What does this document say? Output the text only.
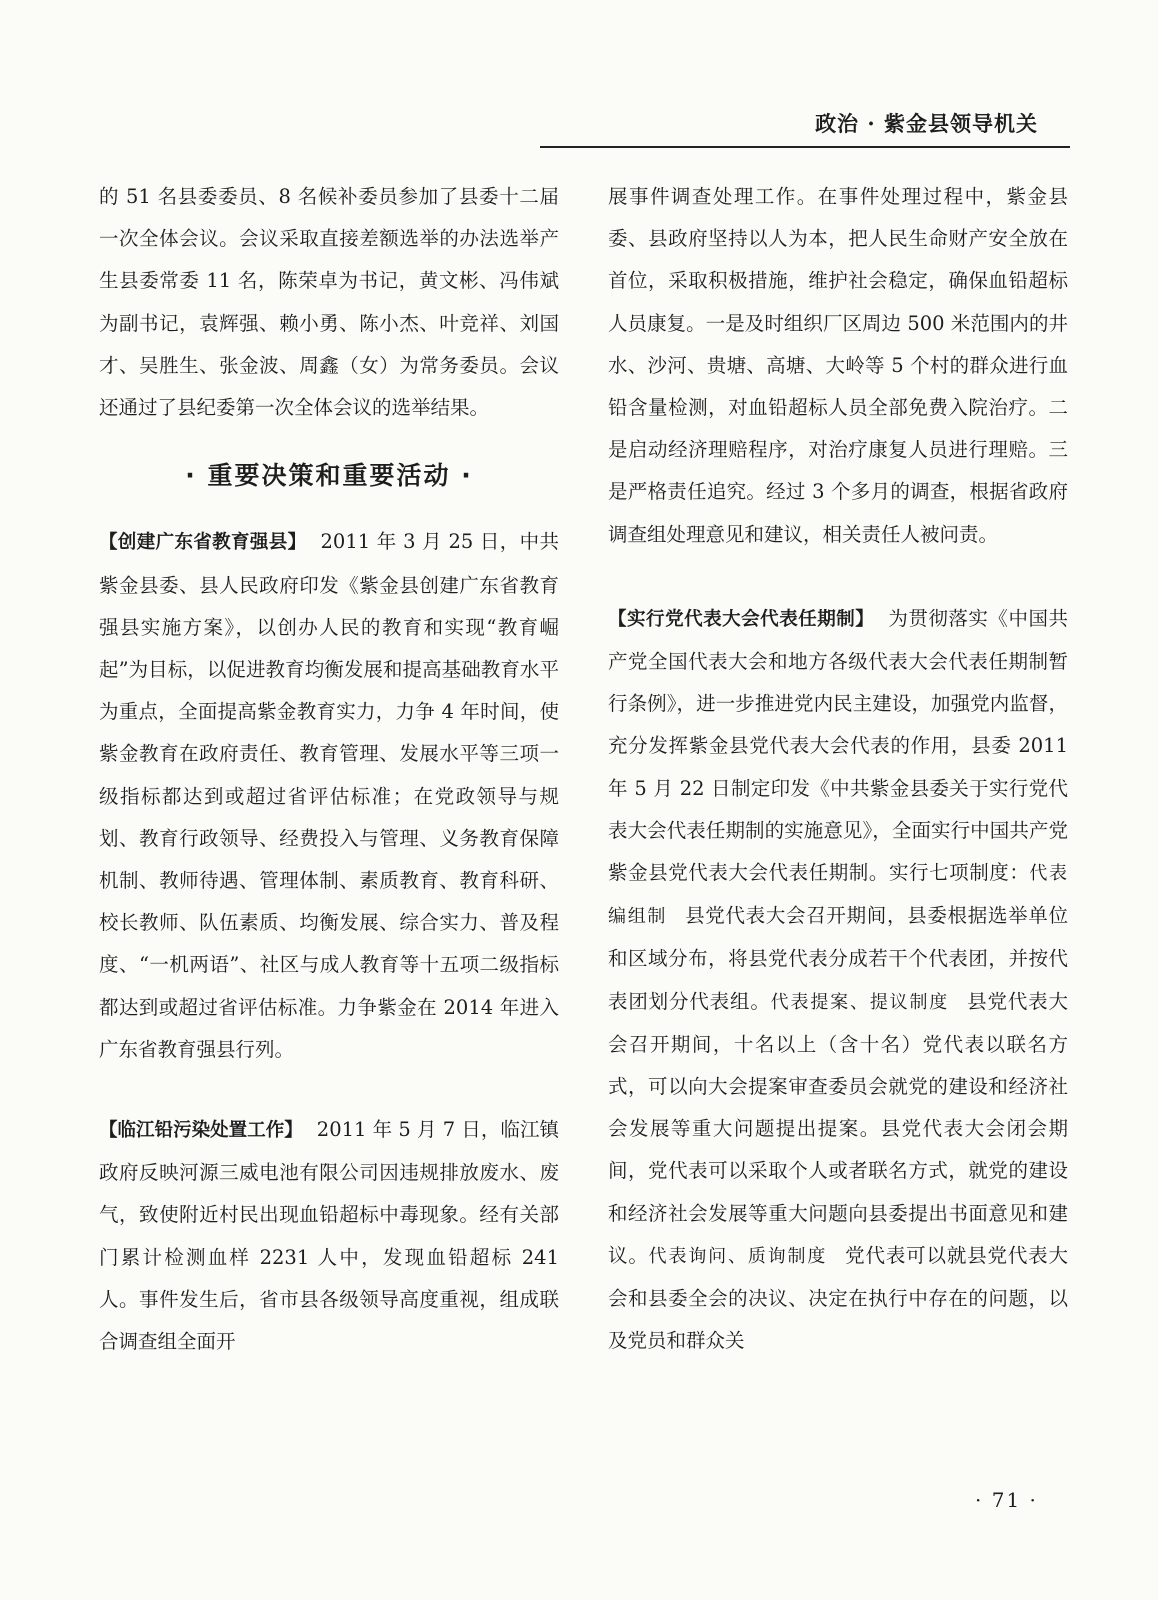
政治 · 紫金县领导机关

的 51 名县委委员、8 名候补委员参加了县委十二届一次全体会议。会议采取直接差额选举的办法选举产生县委常委 11 名，陈荣卓为书记，黄文彬、冯伟斌为副书记，袁辉强、赖小勇、陈小杰、叶竞祥、刘国才、吴胜生、张金波、周鑫（女）为常务委员。会议还通过了县纪委第一次全体会议的选举结果。

· 重要决策和重要活动 ·

【创建广东省教育强县】 2011 年 3 月 25 日，中共紫金县委、县人民政府印发《紫金县创建广东省教育强县实施方案》，以创办人民的教育和实现“教育崛起”为目标，以促进教育均衡发展和提高基础教育水平为重点，全面提高紫金教育实力，力争 4 年时间，使紫金教育在政府责任、教育管理、发展水平等三项一级指标都达到或超过省评估标准；在党政领导与规划、教育行政领导、经费投入与管理、义务教育保障机制、教师待遇、管理体制、素质教育、教育科研、校长教师、队伍素质、均衡发展、综合实力、普及程度、“一机两语”、社区与成人教育等十五项二级指标都达到或超过省评估标准。力争紫金在 2014 年进入广东省教育强县行列。

【临江铅污染处置工作】 2011 年 5 月 7 日，临江镇政府反映河源三威电池有限公司因违规排放废水、废气，致使附近村民出现血铅超标中毒现象。经有关部门累计检测血样 2231 人中，发现血铅超标 241 人。事件发生后，省市县各级领导高度重视，组成联合调查组全面开

展事件调查处理工作。在事件处理过程中，紫金县委、县政府坚持以人为本，把人民生命财产安全放在首位，采取积极措施，维护社会稳定，确保血铅超标人员康复。一是及时组织厂区周边 500 米范围内的井水、沙河、贵塘、高塘、大岭等 5 个村的群众进行血铅含量检测，对血铅超标人员全部免费入院治疗。二是启动经济理赔程序，对治疗康复人员进行理赔。三是严格责任追究。经过 3 个多月的调查，根据省政府调查组处理意见和建议，相关责任人被问责。

【实行党代表大会代表任期制】 为贯彻落实《中国共产党全国代表大会和地方各级代表大会代表任期制暂行条例》，进一步推进党内民主建设，加强党内监督，充分发挥紫金县党代表大会代表的作用，县委 2011 年 5 月 22 日制定印发《中共紫金县委关于实行党代表大会代表任期制的实施意见》，全面实行中国共产党紫金县党代表大会代表任期制。实行七项制度：代表编组制 县党代表大会召开期间，县委根据选举单位和区域分布，将县党代表分成若干个代表团，并按代表团划分代表组。代表提案、提议制度 县党代表大会召开期间，十名以上（含十名）党代表以联名方式，可以向大会提案审查委员会就党的建设和经济社会发展等重大问题提出提案。县党代表大会闭会期间，党代表可以采取个人或者联名方式，就党的建设和经济社会发展等重大问题向县委提出书面意见和建议。代表询问、质询制度 党代表可以就县党代表大会和县委全会的决议、决定在执行中存在的问题，以及党员和群众关

· 71 ·
